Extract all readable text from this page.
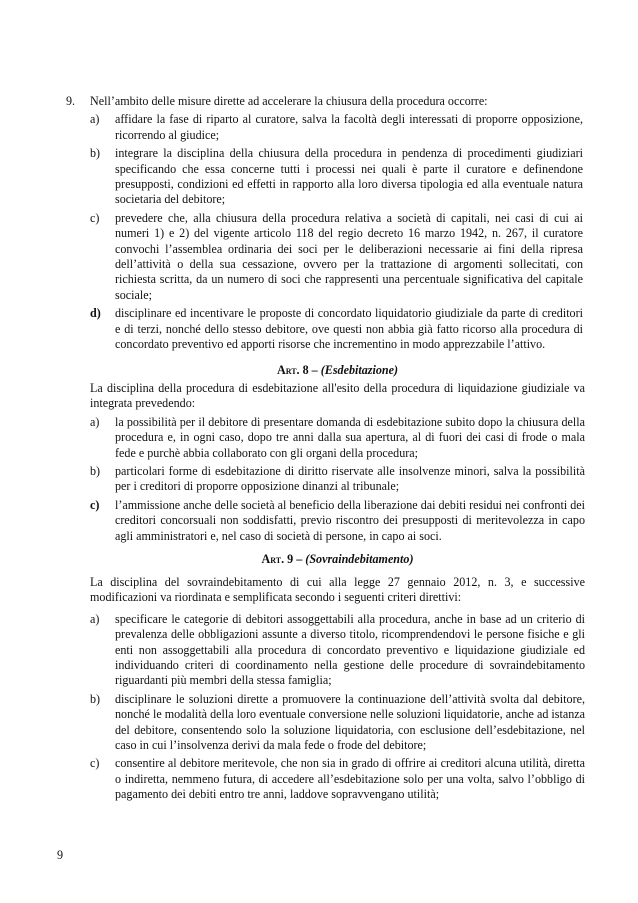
9. Nell’ambito delle misure dirette ad accelerare la chiusura della procedura occorre:
a) affidare la fase di riparto al curatore, salva la facoltà degli interessati di proporre opposizione, ricorrendo al giudice;
b) integrare la disciplina della chiusura della procedura in pendenza di procedimenti giudiziari specificando che essa concerne tutti i processi nei quali è parte il curatore e definendone presupposti, condizioni ed effetti in rapporto alla loro diversa tipologia ed alla eventuale natura societaria del debitore;
c) prevedere che, alla chiusura della procedura relativa a società di capitali, nei casi di cui ai numeri 1) e 2) del vigente articolo 118 del regio decreto 16 marzo 1942, n. 267, il curatore convochi l’assemblea ordinaria dei soci per le deliberazioni necessarie ai fini della ripresa dell’attività o della sua cessazione, ovvero per la trattazione di argomenti sollecitati, con richiesta scritta, da un numero di soci che rappresenti una percentuale significativa del capitale sociale;
d) disciplinare ed incentivare le proposte di concordato liquidatorio giudiziale da parte di creditori e di terzi, nonché dello stesso debitore, ove questi non abbia già fatto ricorso alla procedura di concordato preventivo ed apporti risorse che incrementino in modo apprezzabile l’attivo.
Art. 8 – (Esdebitazione)
La disciplina della procedura di esdebitazione all'esito della procedura di liquidazione giudiziale va integrata prevedendo:
a) la possibilità per il debitore di presentare domanda di esdebitazione subito dopo la chiusura della procedura e, in ogni caso, dopo tre anni dalla sua apertura, al di fuori dei casi di frode o mala fede e purchè abbia collaborato con gli organi della procedura;
b) particolari forme di esdebitazione di diritto riservate alle insolvenze minori, salva la possibilità per i creditori di proporre opposizione dinanzi al tribunale;
c) l’ammissione anche delle società al beneficio della liberazione dai debiti residui nei confronti dei creditori concorsuali non soddisfatti, previo riscontro dei presupposti di meritevolezza in capo agli amministratori e, nel caso di società di persone, in capo ai soci.
Art. 9 – (Sovraindebitamento)
La disciplina del sovraindebitamento di cui alla legge 27 gennaio 2012, n. 3, e successive modificazioni va riordinata e semplificata secondo i seguenti criteri direttivi:
a) specificare le categorie di debitori assoggettabili alla procedura, anche in base ad un criterio di prevalenza delle obbligazioni assunte a diverso titolo, ricomprendendovi le persone fisiche e gli enti non assoggettabili alla procedura di concordato preventivo e liquidazione giudiziale ed individuando criteri di coordinamento nella gestione delle procedure di sovraindebitamento riguardanti più membri della stessa famiglia;
b) disciplinare le soluzioni dirette a promuovere la continuazione dell’attività svolta dal debitore, nonché le modalità della loro eventuale conversione nelle soluzioni liquidatorie, anche ad istanza del debitore, consentendo solo la soluzione liquidatoria, con esclusione dell’esdebitazione, nel caso in cui l’insolvenza derivi da mala fede o frode del debitore;
c) consentire al debitore meritevole, che non sia in grado di offrire ai creditori alcuna utilità, diretta o indiretta, nemmeno futura, di accedere all’esdebitazione solo per una volta, salvo l’obbligo di pagamento dei debiti entro tre anni, laddove sopravvengano utilità;
9
